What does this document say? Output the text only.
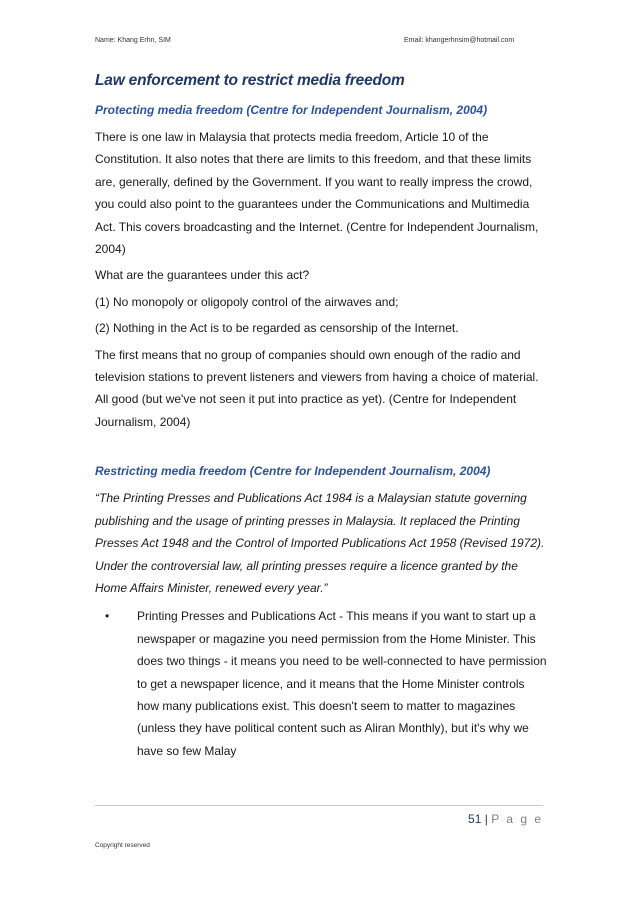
Name: Khang Erhn, SIM	Email: khangerhnsim@hotmail.com
Law enforcement to restrict media freedom
Protecting media freedom (Centre for Independent Journalism, 2004)

There is one law in Malaysia that protects media freedom, Article 10 of the Constitution. It also notes that there are limits to this freedom, and that these limits are, generally, defined by the Government. If you want to really impress the crowd, you could also point to the guarantees under the Communications and Multimedia Act. This covers broadcasting and the Internet. (Centre for Independent Journalism, 2004)

What are the guarantees under this act?

(1) No monopoly or oligopoly control of the airwaves and;

(2) Nothing in the Act is to be regarded as censorship of the Internet.

The first means that no group of companies should own enough of the radio and television stations to prevent listeners and viewers from having a choice of material. All good (but we've not seen it put into practice as yet). (Centre for Independent Journalism, 2004)

Restricting media freedom (Centre for Independent Journalism, 2004)

“The Printing Presses and Publications Act 1984 is a Malaysian statute governing publishing and the usage of printing presses in Malaysia. It replaced the Printing Presses Act 1948 and the Control of Imported Publications Act 1958 (Revised 1972). Under the controversial law, all printing presses require a licence granted by the Home Affairs Minister, renewed every year.”

• Printing Presses and Publications Act - This means if you want to start up a newspaper or magazine you need permission from the Home Minister. This does two things - it means you need to be well-connected to have permission to get a newspaper licence, and it means that the Home Minister controls how many publications exist. This doesn't seem to matter to magazines (unless they have political content such as Aliran Monthly), but it's why we have so few Malay
51 | P a g e
Copyright reserved
